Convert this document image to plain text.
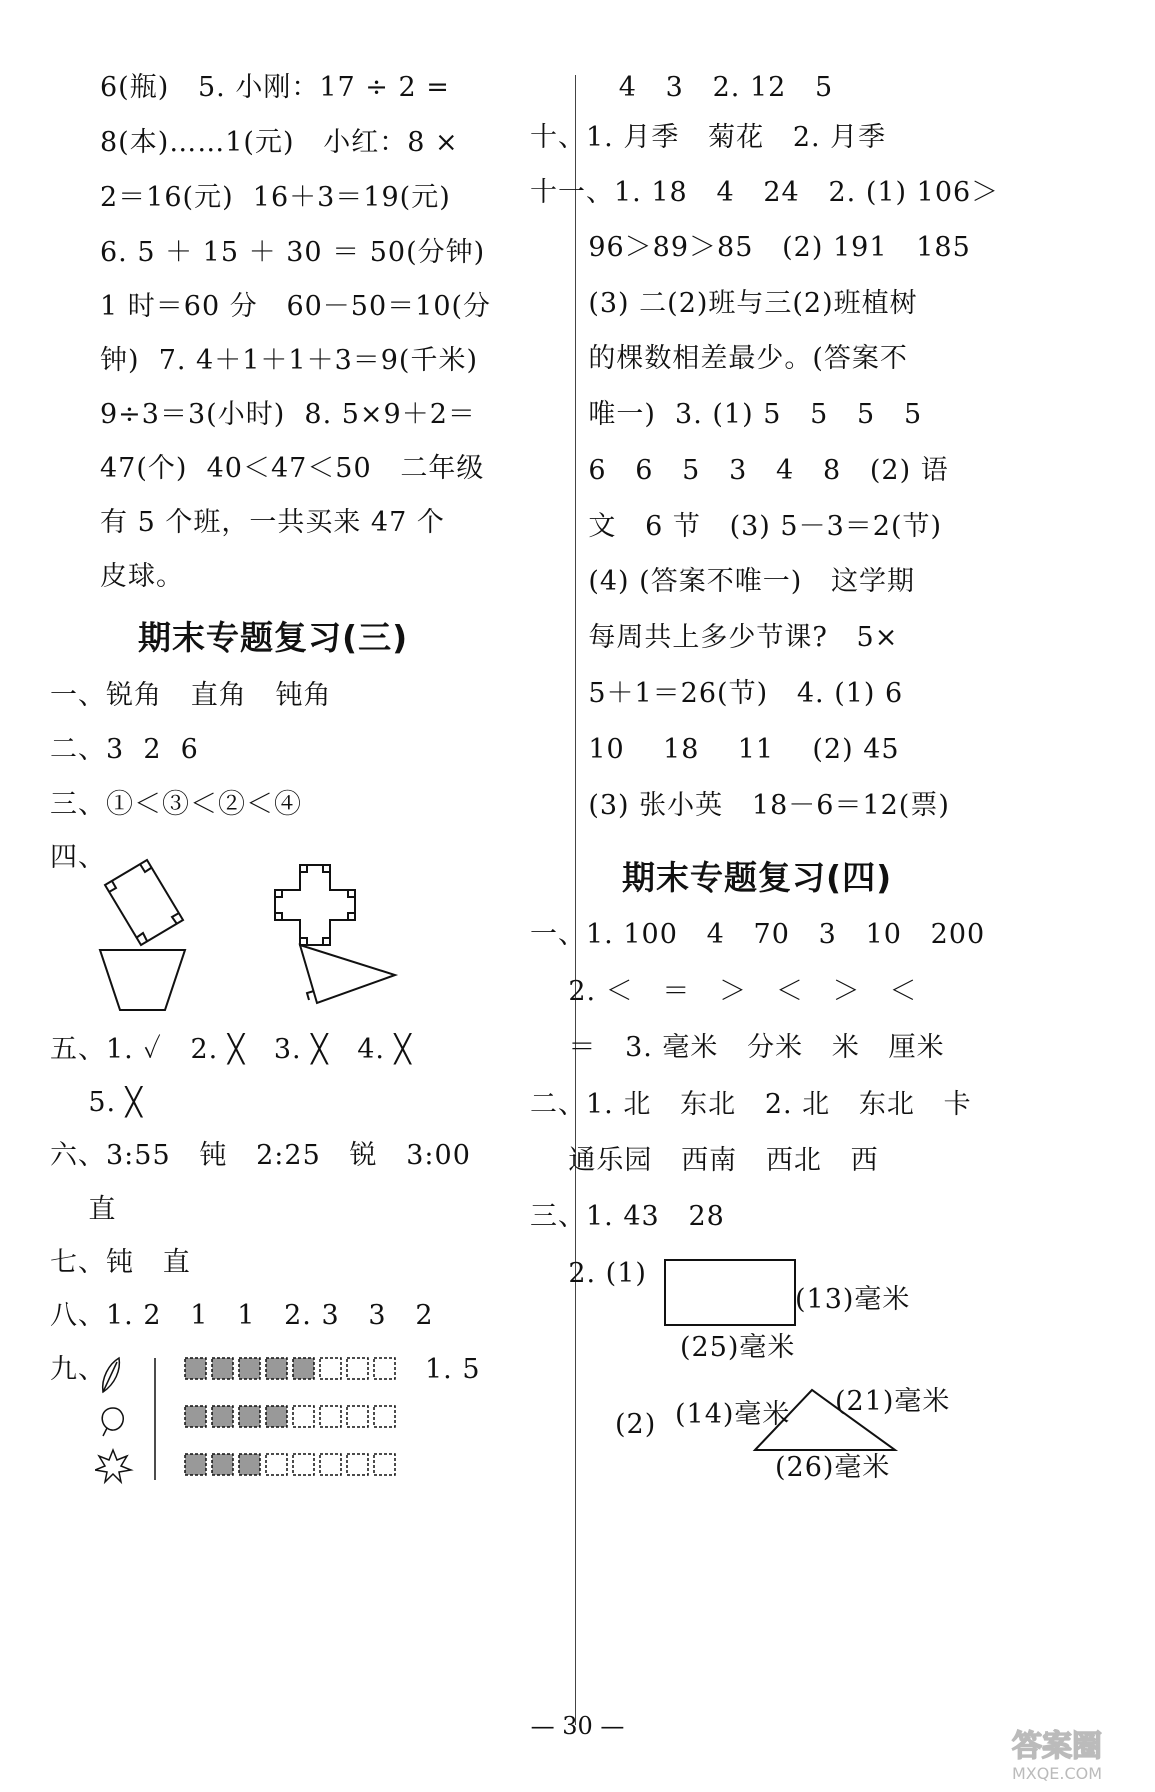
6(瓶)   5. 小刚：17 ÷ 2 =
8(本)……1(元)   小红：8 ×
2＝16(元)  16＋3＝19(元)
6. 5 ＋ 15 ＋ 30 ＝ 50(分钟)
1 时＝60 分   60－50＝10(分
钟)  7. 4＋1＋1＋3＝9(千米)
9÷3＝3(小时)  8. 5×9＋2＝
47(个)  40＜47＜50   二年级
有 5 个班，一共买来 47 个
皮球。
期末专题复习(三)
一、锐角   直角   钝角
二、3  2  6
三、①＜③＜②＜④
四、
五、1. ✓   2. ╳   3. ╳   4. ╳
5. ╳
六、3:55   钝   2:25   锐   3:00
直
七、钝   直
八、1. 2   1   1   2. 3   3   2
九、	1. 5
4   3   2. 12   5
十、1. 月季   菊花   2. 月季
十一、1. 18   4   24   2. (1) 106＞
96＞89＞85   (2) 191   185
(3) 二(2)班与三(2)班植树
的棵数相差最少。(答案不
唯一)  3. (1) 5   5   5   5
6   6   5   3   4   8   (2) 语
文   6 节   (3) 5－3＝2(节)
(4) (答案不唯一)   这学期
每周共上多少节课?   5×
5＋1＝26(节)   4. (1) 6
10    18    11    (2) 45
(3) 张小英   18－6＝12(票)
期末专题复习(四)
一、1. 100   4   70   3   10   200
2. ＜   ＝   ＞   ＜   ＞   ＜
＝   3. 毫米   分米   米   厘米
二、1. 北   东北   2. 北   东北   卡
通乐园   西南   西北   西
三、1. 43   28
2. (1)
(13)毫米
(25)毫米
(2) (14)毫米 (21)毫米
(26)毫米
— 30 —
答案圈
MXQE.COM
